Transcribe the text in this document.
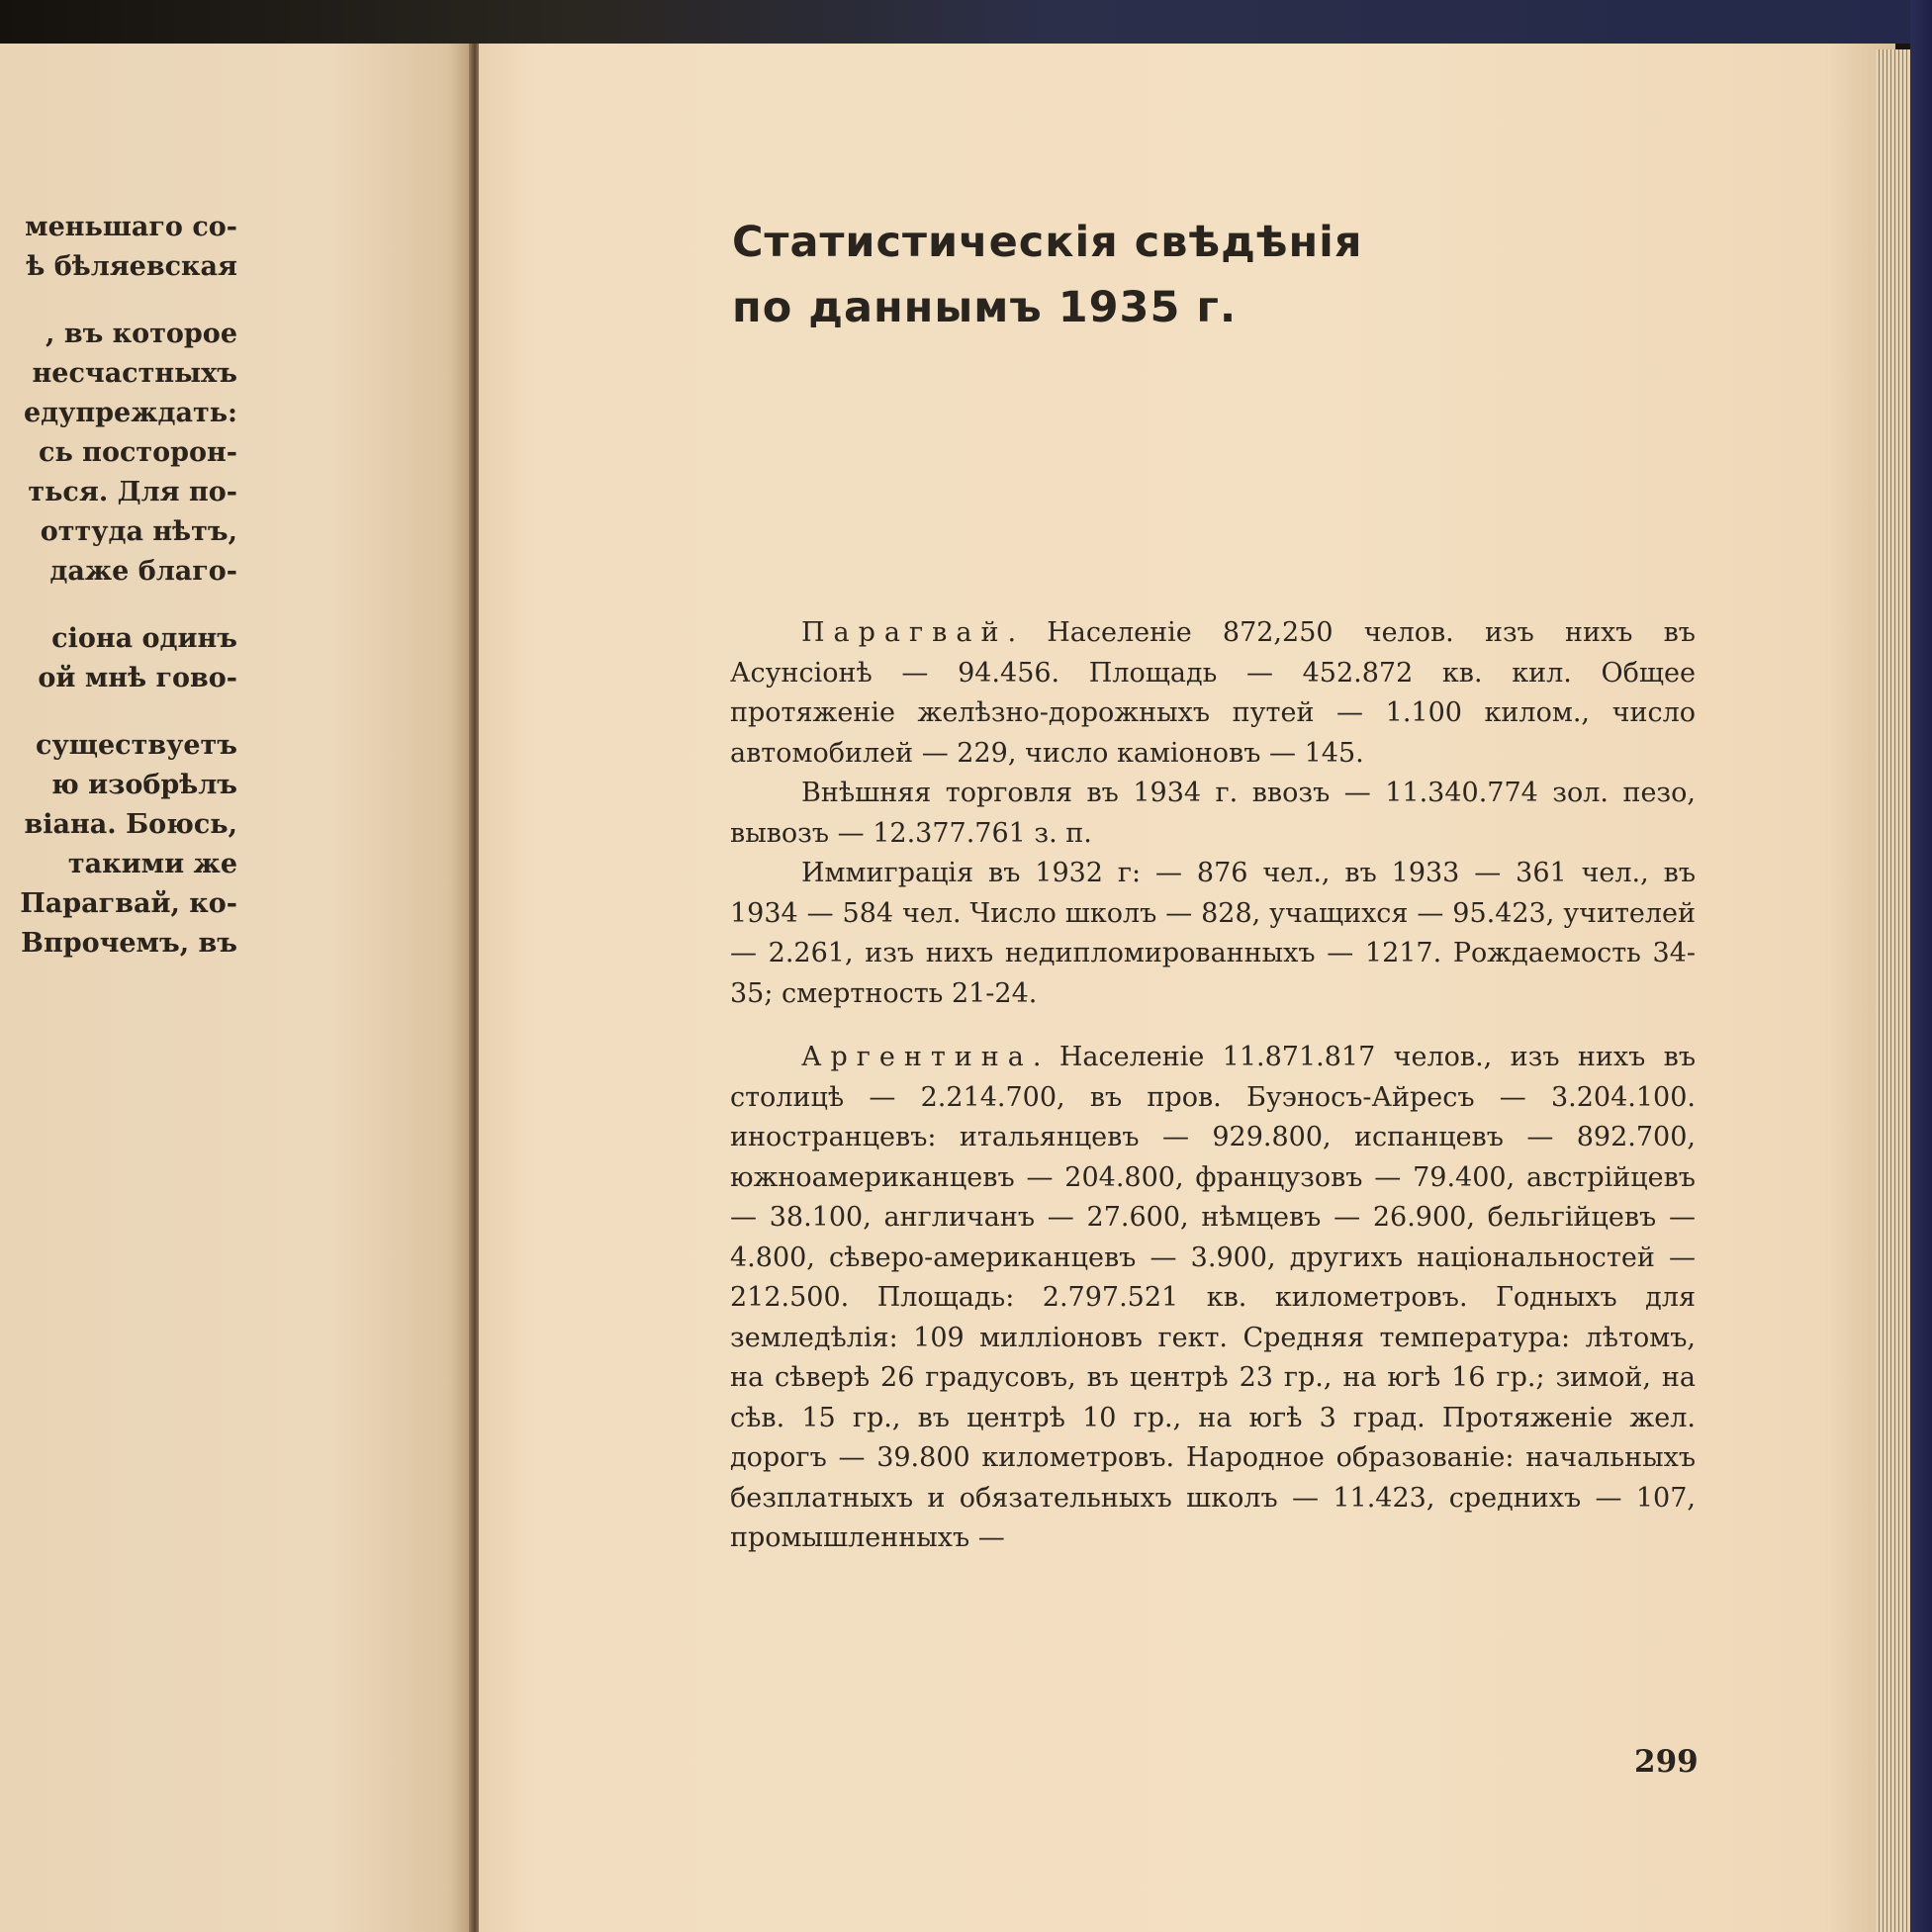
меньшаго со-
ѣ бѣляевская
, въ которое
несчастныхъ
едупреждать:
сь посторон-
ться. Для по-
оттуда нѣтъ,
даже благо-
сiона одинъ
ой мнѣ гово-
существуетъ
ю изобрѣлъ
вiана. Боюсь,
такими же
Парагвай, ко-
Впрочемъ, въ
Статистическiя свѣдѣнiя
по даннымъ 1935 г.

Парагвай. Населенiе 872,250 челов. изъ нихъ въ Асунсiонѣ — 94.456. Площадь — 452.872 кв. кил. Общее протяженiе желѣзно-дорожныхъ путей — 1.100 килом., число автомобилей — 229, число камiоновъ — 145.

Внѣшняя торговля въ 1934 г. ввозъ — 11.340.774 зол. пезо, вывозъ — 12.377.761 з. п.

Иммиграцiя въ 1932 г: — 876 чел., въ 1933 — 361 чел., въ 1934 — 584 чел. Число школъ — 828, учащихся — 95.423, учителей — 2.261, изъ нихъ недипломированныхъ — 1217. Рождаемость 34-35; смертность 21-24.

Аргентина. Населенiе 11.871.817 челов., изъ нихъ въ столицѣ — 2.214.700, въ пров. Буэносъ-Айресъ — 3.204.100. иностранцевъ: итальянцевъ — 929.800, испанцевъ — 892.700, южноамериканцевъ — 204.800, французовъ — 79.400, австрiйцевъ — 38.100, англичанъ — 27.600, нѣмцевъ — 26.900, бельгiйцевъ — 4.800, сѣверо-американцевъ — 3.900, другихъ нацiональностей — 212.500. Площадь: 2.797.521 кв. километровъ. Годныхъ для земледѣлiя: 109 миллiоновъ гект. Средняя температура: лѣтомъ, на сѣверѣ 26 градусовъ, въ центрѣ 23 гр., на югѣ 16 гр.; зимой, на сѣв. 15 гр., въ центрѣ 10 гр., на югѣ 3 град. Протяженiе жел. дорогъ — 39.800 километровъ. Народное образованiе: начальныхъ безплатныхъ и обязательныхъ школъ — 11.423, среднихъ — 107, промышленныхъ —

299
